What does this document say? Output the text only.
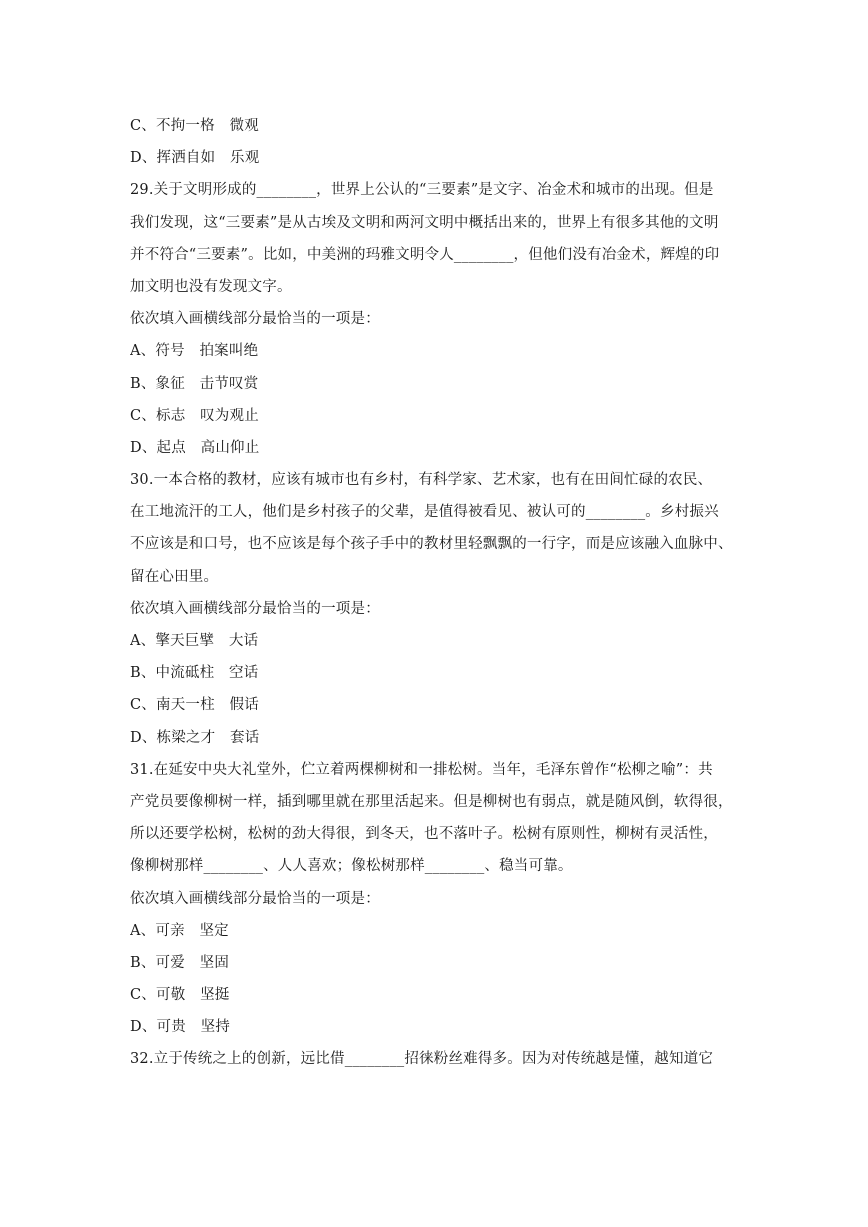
C、不拘一格　微观
D、挥洒自如　乐观
29.关于文明形成的________，世界上公认的“三要素”是文字、冶金术和城市的出现。但是
我们发现，这“三要素”是从古埃及文明和两河文明中概括出来的，世界上有很多其他的文明
并不符合“三要素”。比如，中美洲的玛雅文明令人________，但他们没有冶金术，辉煌的印
加文明也没有发现文字。
依次填入画横线部分最恰当的一项是：
A、符号　拍案叫绝
B、象征　击节叹赏
C、标志　叹为观止
D、起点　高山仰止
30.一本合格的教材，应该有城市也有乡村，有科学家、艺术家，也有在田间忙碌的农民、
在工地流汗的工人，他们是乡村孩子的父辈，是值得被看见、被认可的________。乡村振兴
不应该是和口号，也不应该是每个孩子手中的教材里轻飘飘的一行字，而是应该融入血脉中、
留在心田里。
依次填入画横线部分最恰当的一项是：
A、擎天巨擘　大话
B、中流砥柱　空话
C、南天一柱　假话
D、栋梁之才　套话
31.在延安中央大礼堂外，伫立着两棵柳树和一排松树。当年，毛泽东曾作“松柳之喻”：共
产党员要像柳树一样，插到哪里就在那里活起来。但是柳树也有弱点，就是随风倒，软得很，
所以还要学松树，松树的劲大得很，到冬天，也不落叶子。松树有原则性，柳树有灵活性，
像柳树那样________、人人喜欢；像松树那样________、稳当可靠。
依次填入画横线部分最恰当的一项是：
A、可亲　坚定
B、可爱　坚固
C、可敬　坚挺
D、可贵　坚持
32.立于传统之上的创新，远比借________招徕粉丝难得多。因为对传统越是懂，越知道它
